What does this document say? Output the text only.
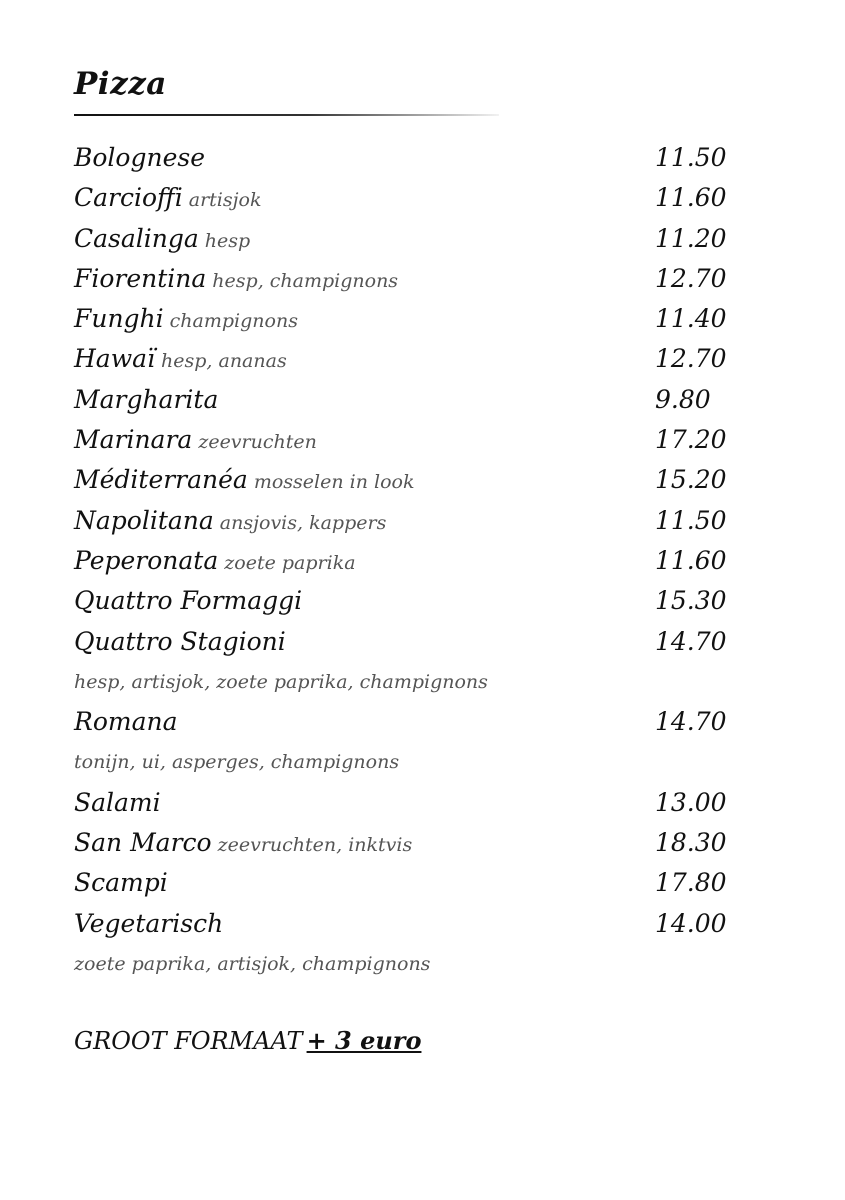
Pizza
Bolognese	11.50
Carcioffi artisjok	11.60
Casalinga hesp	11.20
Fiorentina hesp, champignons	12.70
Funghi champignons	11.40
Hawaï hesp, ananas	12.70
Margharita	9.80
Marinara zeevruchten	17.20
Méditerranéa mosselen in look	15.20
Napolitana ansjovis, kappers	11.50
Peperonata zoete paprika	11.60
Quattro Formaggi	15.30
Quattro Stagioni	14.70
hesp, artisjok, zoete paprika, champignons
Romana	14.70
tonijn, ui, asperges, champignons
Salami	13.00
San Marco zeevruchten, inktvis	18.30
Scampi	17.80
Vegetarisch	14.00
zoete paprika, artisjok, champignons
GROOT FORMAAT + 3 euro
